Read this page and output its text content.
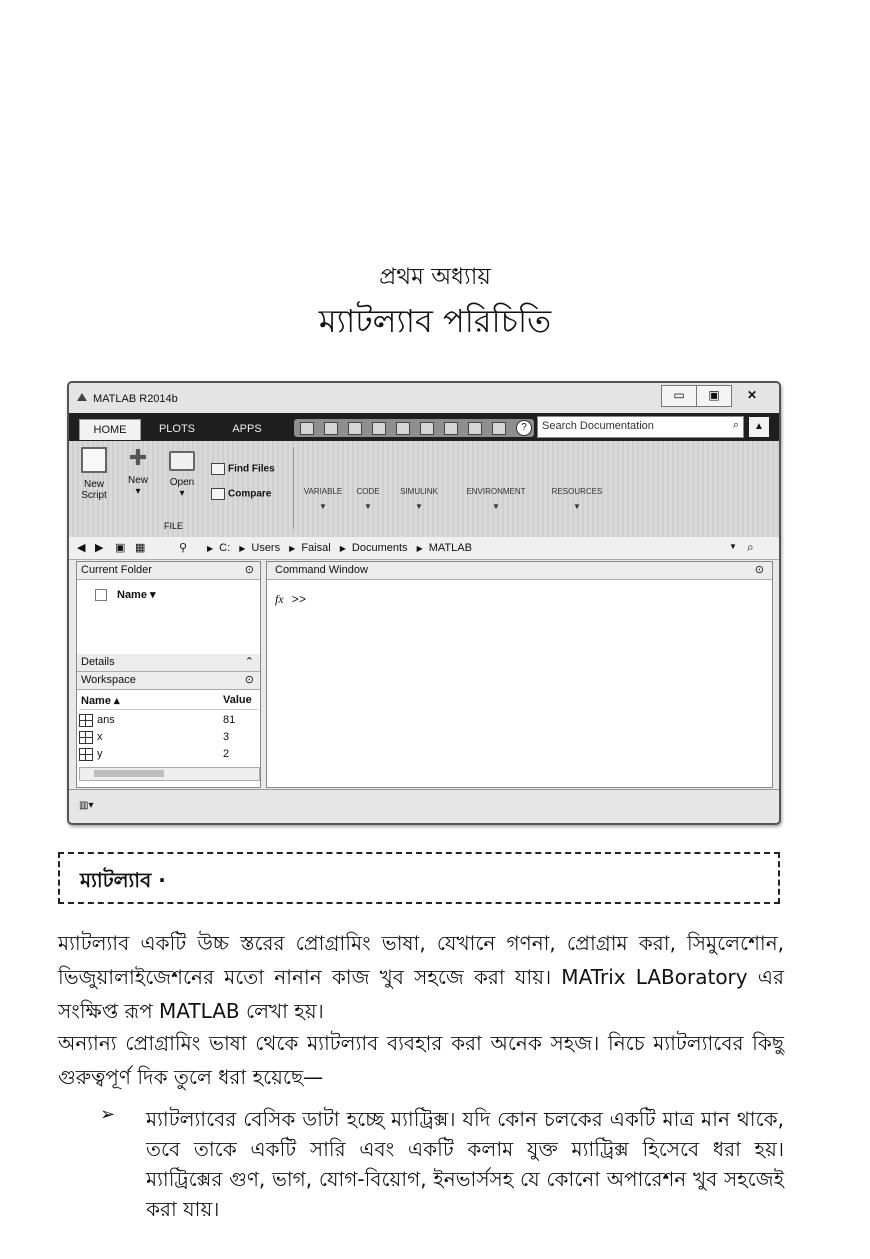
প্রথম অধ্যায়
ম্যাটল্যাব পরিচিতি
MATLAB R2014b	▭	▣	✕
HOME	PLOTS	APPS	?
Search Documentation	⌕	▲
New
Script
✚
New
▾
Open
▾
Find Files
Compare
FILE
VARIABLE
▼
CODE
▼
SIMULINK
▼
ENVIRONMENT
▼
RESOURCES
▼
◀ ▶ ▣ ▦	⚲ ▶ C: ▶ Users ▶ Faisal ▶ Documents ▶ MATLAB	▼ ⌕
Current Folder	⊙
Name ▾
Details	⌃
Workspace	⊙
Name ▴	Value
ans	81
x	3
y	2
Command Window	⊙
fx >>
▥▾
ম্যাটল্যাব ·
ম্যাটল্যাব একটি উচ্চ স্তরের প্রোগ্রামিং ভাষা, যেখানে গণনা, প্রোগ্রাম করা, সিমুলেশোন, ভিজুয়ালাইজেশনের মতো নানান কাজ খুব সহজে করা যায়। MATrix LABoratory এর সংক্ষিপ্ত রূপ MATLAB লেখা হয়।
অন্যান্য প্রোগ্রামিং ভাষা থেকে ম্যাটল্যাব ব্যবহার করা অনেক সহজ। নিচে ম্যাটল্যাবের কিছু গুরুত্বপূর্ণ দিক তুলে ধরা হয়েছে—
➢ ম্যাটল্যাবের বেসিক ডাটা হচ্ছে ম্যাট্রিক্স। যদি কোন চলকের একটি মাত্র মান থাকে, তবে তাকে একটি সারি এবং একটি কলাম যুক্ত ম্যাট্রিক্স হিসেবে ধরা হয়। ম্যাট্রিক্সের গুণ, ভাগ, যোগ-বিয়োগ, ইনভার্সসহ যে কোনো অপারেশন খুব সহজেই করা যায়।
